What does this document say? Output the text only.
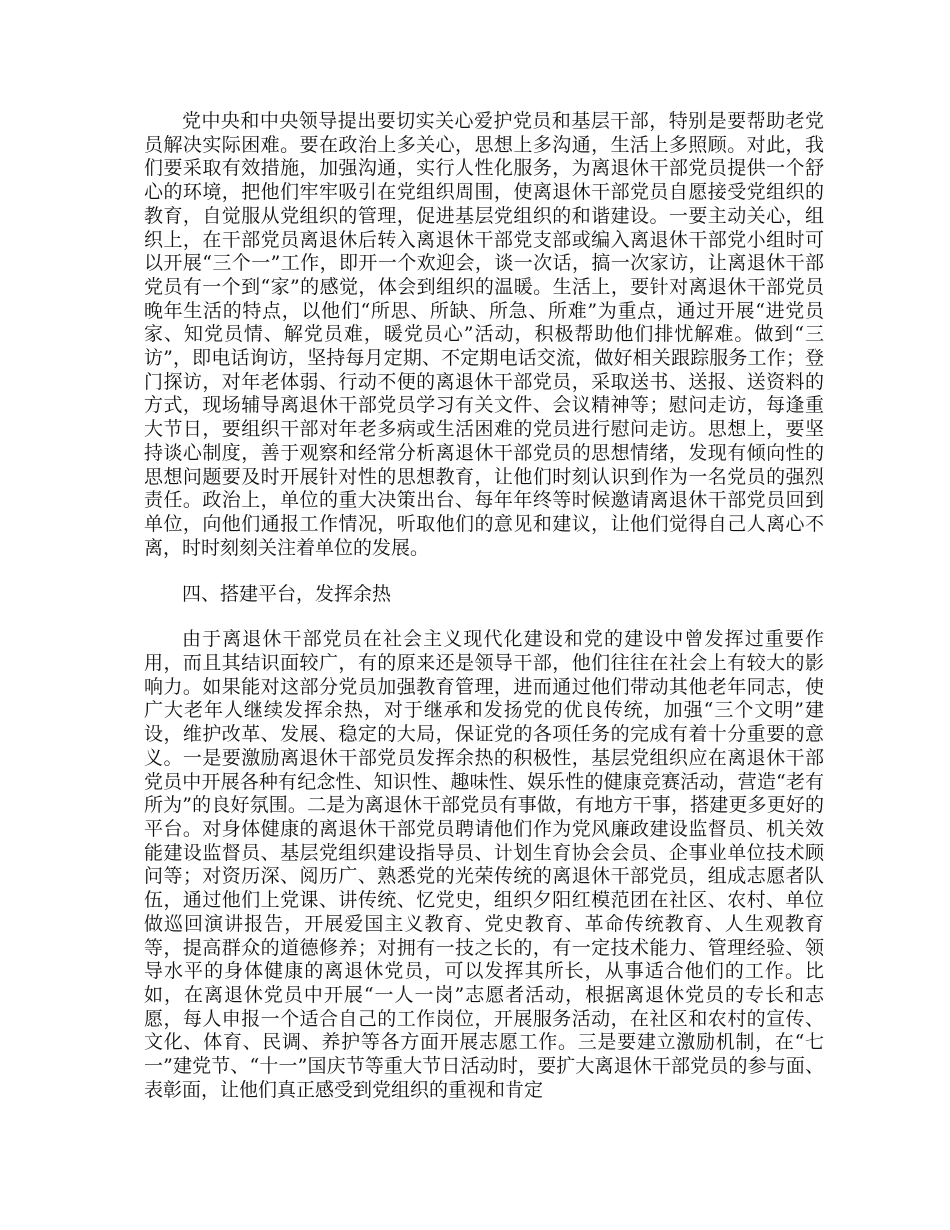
党中央和中央领导提出要切实关心爱护党员和基层干部，特别是要帮助老党员解决实际困难。要在政治上多关心，思想上多沟通，生活上多照顾。对此，我们要采取有效措施，加强沟通，实行人性化服务，为离退休干部党员提供一个舒心的环境，把他们牢牢吸引在党组织周围，使离退休干部党员自愿接受党组织的教育，自觉服从党组织的管理，促进基层党组织的和谐建设。一要主动关心，组织上，在干部党员离退休后转入离退休干部党支部或编入离退休干部党小组时可以开展“三个一”工作，即开一个欢迎会，谈一次话，搞一次家访，让离退休干部党员有一个到“家”的感觉，体会到组织的温暖。生活上，要针对离退休干部党员晚年生活的特点，以他们“所思、所缺、所急、所难”为重点，通过开展“进党员家、知党员情、解党员难，暖党员心”活动，积极帮助他们排忧解难。做到“三访”，即电话询访，坚持每月定期、不定期电话交流，做好相关跟踪服务工作；登门探访，对年老体弱、行动不便的离退休干部党员，采取送书、送报、送资料的方式，现场辅导离退休干部党员学习有关文件、会议精神等；慰问走访，每逢重大节日，要组织干部对年老多病或生活困难的党员进行慰问走访。思想上，要坚持谈心制度，善于观察和经常分析离退休干部党员的思想情绪，发现有倾向性的思想问题要及时开展针对性的思想教育，让他们时刻认识到作为一名党员的强烈责任。政治上，单位的重大决策出台、每年年终等时候邀请离退休干部党员回到单位，向他们通报工作情况，听取他们的意见和建议，让他们觉得自己人离心不离，时时刻刻关注着单位的发展。

四、搭建平台，发挥余热

由于离退休干部党员在社会主义现代化建设和党的建设中曾发挥过重要作用，而且其结识面较广，有的原来还是领导干部，他们往往在社会上有较大的影响力。如果能对这部分党员加强教育管理，进而通过他们带动其他老年同志，使广大老年人继续发挥余热，对于继承和发扬党的优良传统，加强“三个文明”建设，维护改革、发展、稳定的大局，保证党的各项任务的完成有着十分重要的意义。一是要激励离退休干部党员发挥余热的积极性，基层党组织应在离退休干部党员中开展各种有纪念性、知识性、趣味性、娱乐性的健康竞赛活动，营造“老有所为”的良好氛围。二是为离退休干部党员有事做，有地方干事，搭建更多更好的平台。对身体健康的离退休干部党员聘请他们作为党风廉政建设监督员、机关效能建设监督员、基层党组织建设指导员、计划生育协会会员、企事业单位技术顾问等；对资历深、阅历广、熟悉党的光荣传统的离退休干部党员，组成志愿者队伍，通过他们上党课、讲传统、忆党史，组织夕阳红模范团在社区、农村、单位做巡回演讲报告，开展爱国主义教育、党史教育、革命传统教育、人生观教育等，提高群众的道德修养；对拥有一技之长的，有一定技术能力、管理经验、领导水平的身体健康的离退休党员，可以发挥其所长，从事适合他们的工作。比如，在离退休党员中开展“一人一岗”志愿者活动，根据离退休党员的专长和志愿，每人申报一个适合自己的工作岗位，开展服务活动，在社区和农村的宣传、文化、体育、民调、养护等各方面开展志愿工作。三是要建立激励机制，在“七一”建党节、“十一”国庆节等重大节日活动时，要扩大离退休干部党员的参与面、表彰面，让他们真正感受到党组织的重视和肯定
